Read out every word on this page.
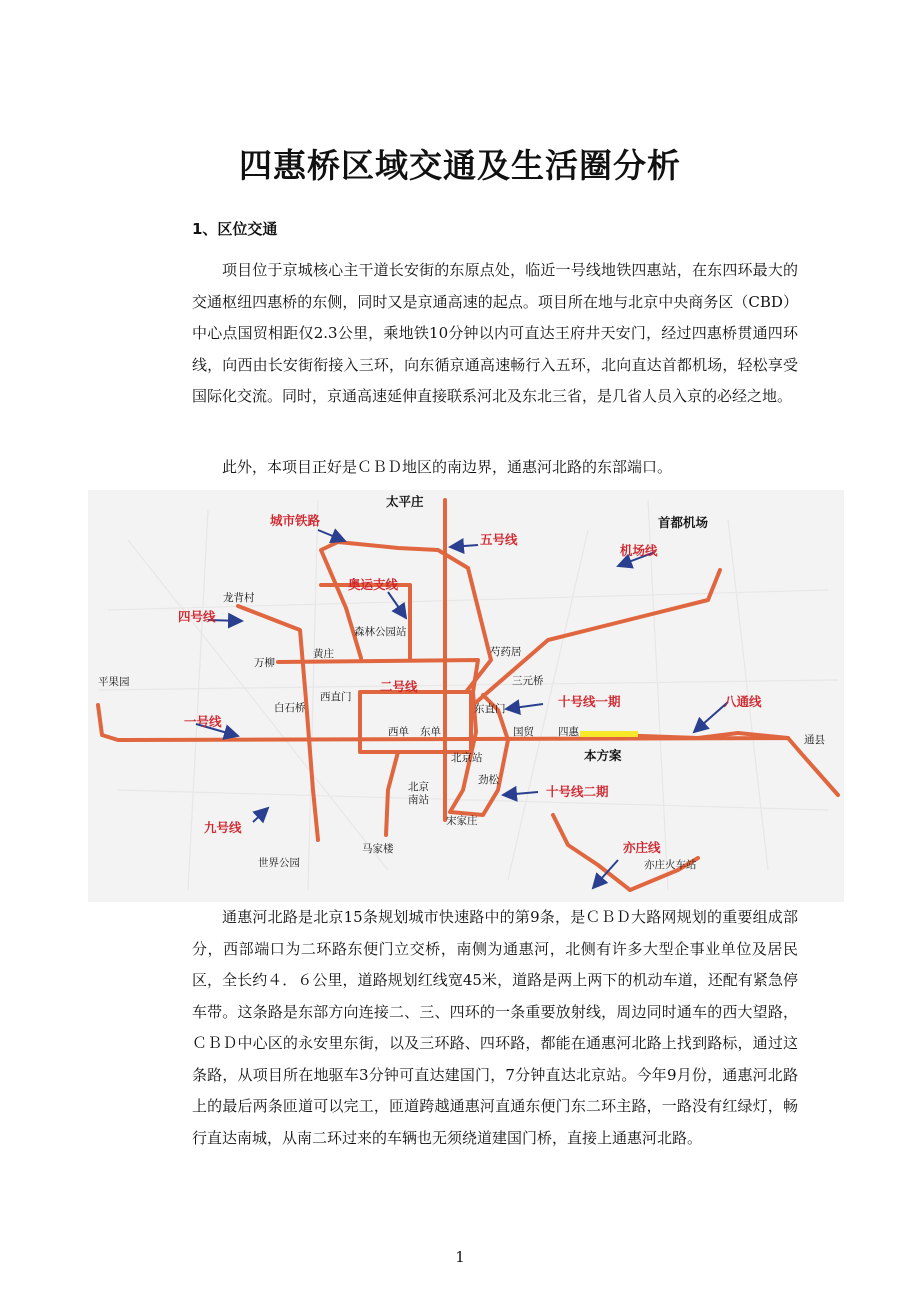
四惠桥区域交通及生活圈分析
1、区位交通

项目位于京城核心主干道长安街的东原点处，临近一号线地铁四惠站，在东四环最大的交通枢纽四惠桥的东侧，同时又是京通高速的起点。项目所在地与北京中央商务区（CBD）中心点国贸相距仅2.3公里，乘地铁10分钟以内可直达王府井天安门，经过四惠桥贯通四环线，向西由长安街衔接入三环，向东循京通高速畅行入五环，北向直达首都机场，轻松享受国际化交流。同时，京通高速延伸直接联系河北及东北三省，是几省人员入京的必经之地。

此外，本项目正好是ＣＢＤ地区的南边界，通惠河北路的东部端口。

太平庄
首都机场
龙背村
森林公园站
黄庄	芍药居
万柳
三元桥
平果园
西直门
白石桥	东直门
西单 东单	国贸 四惠
通县
本方案
北京站
北京南站
劲松
宋家庄
马家楼
世界公园	亦庄火车站
城市铁路
五号线
机场线
奥运支线
四号线
二号线
十号线一期	八通线
一号线
十号线二期
九号线
亦庄线

通惠河北路是北京15条规划城市快速路中的第9条，是ＣＢＤ大路网规划的重要组成部分，西部端口为二环路东便门立交桥，南侧为通惠河，北侧有许多大型企事业单位及居民区，全长约４．６公里，道路规划红线宽45米，道路是两上两下的机动车道，还配有紧急停车带。这条路是东部方向连接二、三、四环的一条重要放射线，周边同时通车的西大望路，ＣＢＤ中心区的永安里东街，以及三环路、四环路，都能在通惠河北路上找到路标，通过这条路，从项目所在地驱车3分钟可直达建国门，7分钟直达北京站。今年9月份，通惠河北路上的最后两条匝道可以完工，匝道跨越通惠河直通东便门东二环主路，一路没有红绿灯，畅行直达南城，从南二环过来的车辆也无须绕道建国门桥，直接上通惠河北路。

1
